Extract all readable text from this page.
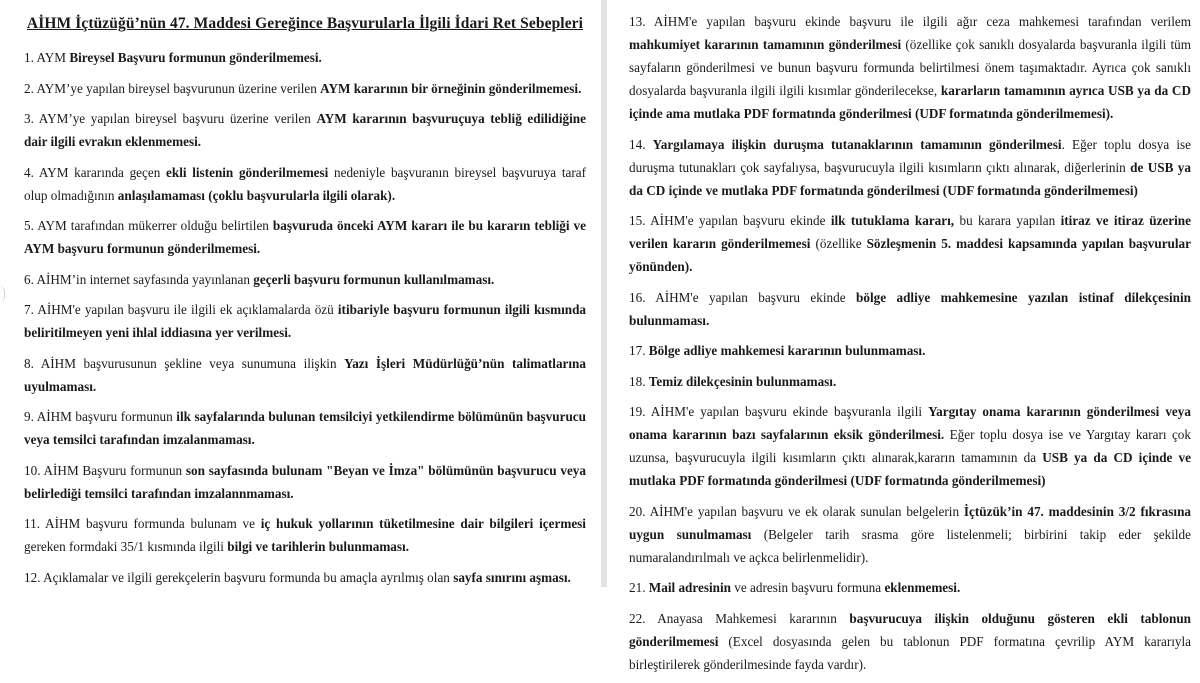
AİHM İçtüzüğü’nün 47. Maddesi Gereğince Başvurularla İlgili İdari Ret Sebepleri

1. AYM Bireysel Başvuru formunun gönderilmemesi.

2. AYM’ye yapılan bireysel başvurunun üzerine verilen AYM kararının bir örneğinin gönderilmemesi.

3. AYM’ye yapılan bireysel başvuru üzerine verilen AYM kararının başvuruçuya tebliğ edilidiğine dair ilgili evrakın eklenmemesi.

4. AYM kararında geçen ekli listenin gönderilmemesi nedeniyle başvuranın bireysel başvuruya taraf olup olmadığının anlaşılamaması (çoklu başvurularla ilgili olarak).

5. AYM tarafından mükerrer olduğu belirtilen başvuruda önceki AYM kararı ile bu kararın tebliği ve AYM başvuru formunun gönderilmemesi.

6. AİHM’in internet sayfasında yayınlanan geçerli başvuru formunun kullanılmaması.

7. AİHM'e yapılan başvuru ile ilgili ek açıklamalarda özü itibariyle başvuru formunun ilgili kısmında beliritilmeyen yeni ihlal iddiasına yer verilmesi.

8. AİHM başvurusunun şekline veya sunumuna ilişkin Yazı İşleri Müdürlüğü’nün talimatlarına uyulmaması.

9. AİHM başvuru formunun ilk sayfalarında bulunan temsilciyi yetkilendirme bölümünün başvurucu veya temsilci tarafından imzalanmaması.

10. AİHM Başvuru formunun son sayfasında bulunam "Beyan ve İmza" bölümünün başvurucu veya belirlediği temsilci tarafından imzalannmaması.

11. AİHM başvuru formunda bulunam ve iç hukuk yollarının tüketilmesine dair bilgileri içermesi gereken formdaki 35/1 kısmında ilgili bilgi ve tarihlerin bulunmaması.

12. Açıklamalar ve ilgili gerekçelerin başvuru formunda bu amaçla ayrılmış olan sayfa sınırını aşması.

13. AİHM'e yapılan başvuru ekinde başvuru ile ilgili ağır ceza mahkemesi tarafından verilem mahkumiyet kararının tamamının gönderilmesi (özellike çok sanıklı dosyalarda başvuranla ilgili tüm sayfaların gönderilmesi ve bunun başvuru formunda belirtilmesi önem taşımaktadır. Ayrıca çok sanıklı dosyalarda başvuranla ilgili ilgili kısımlar gönderilecekse, kararların tamamının ayrıca USB ya da CD içinde ama mutlaka PDF formatında gönderilmesi (UDF formatında gönderilmemesi).

14. Yargılamaya ilişkin duruşma tutanaklarının tamamının gönderilmesi. Eğer toplu dosya ise duruşma tutunakları çok sayfalıysa, başvurucuyla ilgili kısımların çıktı alınarak, diğerlerinin de USB ya da CD içinde ve mutlaka PDF formatında gönderilmesi (UDF formatında gönderilmemesi)

15. AİHM'e yapılan başvuru ekinde ilk tutuklama kararı, bu karara yapılan itiraz ve itiraz üzerine verilen kararın gönderilmemesi (özellike Sözleşmenin 5. maddesi kapsamında yapılan başvurular yönünden).

16. AİHM'e yapılan başvuru ekinde bölge adliye mahkemesine yazılan istinaf dilekçesinin bulunmaması.

17. Bölge adliye mahkemesi kararının bulunmaması.

18. Temiz dilekçesinin bulunmaması.

19. AİHM'e yapılan başvuru ekinde başvuranla ilgili Yargıtay onama kararının gönderilmesi veya onama kararının bazı sayfalarının eksik gönderilmesi. Eğer toplu dosya ise ve Yargıtay kararı çok uzunsa, başvurucuyla ilgili kısımların çıktı alınarak,kararın tamamının da USB ya da CD içinde ve mutlaka PDF formatında gönderilmesi (UDF formatında gönderilmemesi)

20. AİHM'e yapılan başvuru ve ek olarak sunulan belgelerin İçtüzük’in 47. maddesinin 3/2 fıkrasına uygun sunulmaması (Belgeler tarih srasma göre listelenmeli; birbirini takip eder şekilde numaralandırılmalı ve açkca belirlenmelidir).

21. Mail adresinin ve adresin başvuru formuna eklenmemesi.

22. Anayasa Mahkemesi kararının başvurucuya ilişkin olduğunu gösteren ekli tablonun gönderilmemesi (Excel dosyasında gelen bu tablonun PDF formatına çevrilip AYM kararıyla birleştirilerek gönderilmesinde fayda vardır).
